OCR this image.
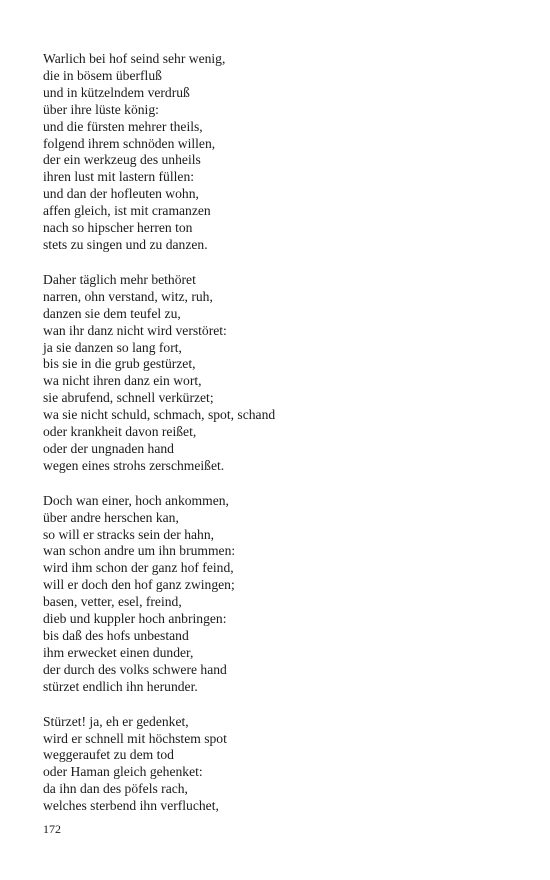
Warlich bei hof seind sehr wenig,
die in bösem überfluß
und in kützelndem verdruß
über ihre lüste könig:
und die fürsten mehrer theils,
folgend ihrem schnöden willen,
der ein werkzeug des unheils
ihren lust mit lastern füllen:
und dan der hofleuten wohn,
affen gleich, ist mit cramanzen
nach so hipscher herren ton
stets zu singen und zu danzen.
Daher täglich mehr bethöret
narren, ohn verstand, witz, ruh,
danzen sie dem teufel zu,
wan ihr danz nicht wird verstöret:
ja sie danzen so lang fort,
bis sie in die grub gestürzet,
wa nicht ihren danz ein wort,
sie abrufend, schnell verkürzet;
wa sie nicht schuld, schmach, spot, schand
oder krankheit davon reißet,
oder der ungnaden hand
wegen eines strohs zerschmeißet.
Doch wan einer, hoch ankommen,
über andre herschen kan,
so will er stracks sein der hahn,
wan schon andre um ihn brummen:
wird ihm schon der ganz hof feind,
will er doch den hof ganz zwingen;
basen, vetter, esel, freind,
dieb und kuppler hoch anbringen:
bis daß des hofs unbestand
ihm erwecket einen dunder,
der durch des volks schwere hand
stürzet endlich ihn herunder.
Stürzet! ja, eh er gedenket,
wird er schnell mit höchstem spot
weggeraufet zu dem tod
oder Haman gleich gehenket:
da ihn dan des pöfels rach,
welches sterbend ihn verfluchet,
172
